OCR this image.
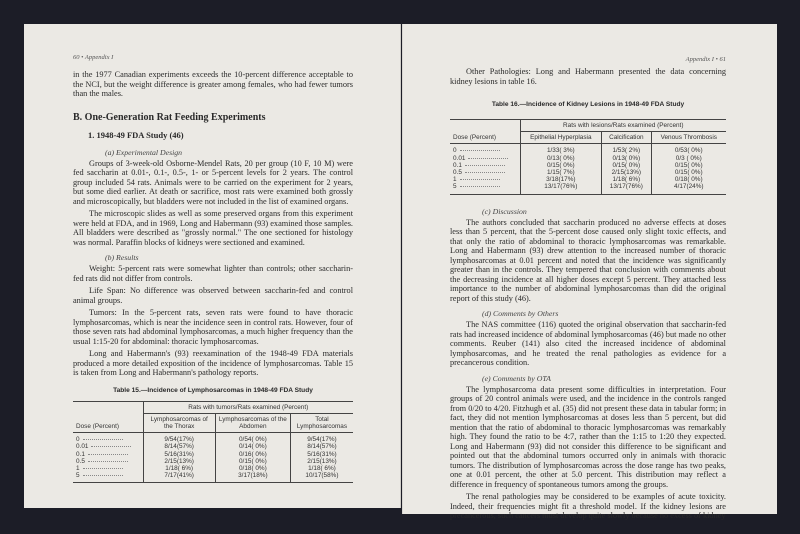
60 • Appendix I

in the 1977 Canadian experiments exceeds the 10-percent difference acceptable to the NCI, but the weight difference is greater among females, who had fewer tumors than the males.

B. One-Generation Rat Feeding Experiments
1. 1948-49 FDA Study (46)
(a) Experimental Design

Groups of 3-week-old Osborne-Mendel Rats, 20 per group (10 F, 10 M) were fed saccharin at 0.01-, 0.1-, 0.5-, 1- or 5-percent levels for 2 years. The control group included 54 rats. Animals were to be carried on the experiment for 2 years, but some died earlier. At death or sacrifice, most rats were examined both grossly and microscopically, but bladders were not included in the list of examined organs.

The microscopic slides as well as some preserved organs from this experiment were held at FDA, and in 1969, Long and Habermann (93) examined those samples. All bladders were described as "grossly normal." The one sectioned for histology was normal. Paraffin blocks of kidneys were sectioned and examined.

(b) Results

Weight: 5-percent rats were somewhat lighter than controls; other saccharin-fed rats did not differ from controls.

Life Span: No difference was observed between saccharin-fed and control animal groups.

Tumors: In the 5-percent rats, seven rats were found to have thoracic lymphosarcomas, which is near the incidence seen in control rats. However, four of those seven rats had abdominal lymphosarcomas, a much higher frequency than the usual 1:15-20 for abdominal: thoracic lymphosarcomas.

Long and Habermann's (93) reexamination of the 1948-49 FDA materials produced a more detailed exposition of the incidence of lymphosarcomas. Table 15 is taken from Long and Habermann's pathology reports.

Table 15.—Incidence of Lymphosarcomas in 1948-49 FDA Study
Dose (Percent)	Rats with tumors/Rats examined (Percent)		
	Lymphosarcomas of the Thorax	Lymphosarcomas of the Abdomen	Total Lymphosarcomas
0	9/54(17%)	0/54( 0%)	9/54(17%)
0.01	8/14(57%)	0/14( 0%)	8/14(57%)
0.1	5/16(31%)	0/16( 0%)	5/16(31%)
0.5	2/15(13%)	0/15( 0%)	2/15(13%)
1	1/18( 6%)	0/18( 0%)	1/18( 6%)
5	7/17(41%)	3/17(18%)	10/17(58%)
Appendix I • 61

Other Pathologies: Long and Habermann presented the data concerning kidney lesions in table 16.

Table 16.—Incidence of Kidney Lesions in 1948-49 FDA Study
Dose (Percent)	Rats with lesions/Rats examined (Percent)		
	Epithelial Hyperplasia	Calcification	Venous Thrombosis
0	1/33( 3%)	1/53( 2%)	0/53( 0%)
0.01	0/13( 0%)	0/13( 0%)	0/3 ( 0%)
0.1	0/15( 0%)	0/15( 0%)	0/15( 0%)
0.5	1/15( 7%)	2/15(13%)	0/15( 0%)
1	3/18(17%)	1/18( 6%)	0/18( 0%)
5	13/17(76%)	13/17(76%)	4/17(24%)
(c) Discussion

The authors concluded that saccharin produced no adverse effects at doses less than 5 percent, that the 5-percent dose caused only slight toxic effects, and that only the ratio of abdominal to thoracic lymphosarcomas was remarkable. Long and Habermann (93) drew attention to the increased number of thoracic lymphosarcomas at 0.01 percent and noted that the incidence was significantly greater than in the controls. They tempered that conclusion with comments about the decreasing incidence at all higher doses except 5 percent. They attached less importance to the number of abdominal lymphosarcomas than did the original report of this study (46).

(d) Comments by Others

The NAS committee (116) quoted the original observation that saccharin-fed rats had increased incidence of abdominal lymphosarcomas (46) but made no other comments. Reuber (141) also cited the increased incidence of abdominal lymphosarcomas, and he treated the renal pathologies as evidence for a precancerous condition.

(e) Comments by OTA

The lymphosarcoma data present some difficulties in interpretation. Four groups of 20 control animals were used, and the incidence in the controls ranged from 0/20 to 4/20. Fitzhugh et al. (35) did not present these data in tabular form; in fact, they did not mention lymphosarcomas at doses less than 5 percent, but did mention that the ratio of abdominal to thoracic lymphosarcomas was remarkably high. They found the ratio to be 4:7, rather than the 1:15 to 1:20 they expected. Long and Habermann (93) did not consider this difference to be significant and pointed out that the abdominal tumors occurred only in animals with thoracic tumors. The distribution of lymphosarcomas across the dose range has two peaks, one at 0.01 percent, the other at 5.0 percent. This distribution may reflect a difference in frequency of spontaneous tumors among the groups.

The renal pathologies may be considered to be examples of acute toxicity. Indeed, their frequencies might fit a threshold model. If the kidney lesions are precancerous, such cancers must develop quite slowly because no excess of kidney
